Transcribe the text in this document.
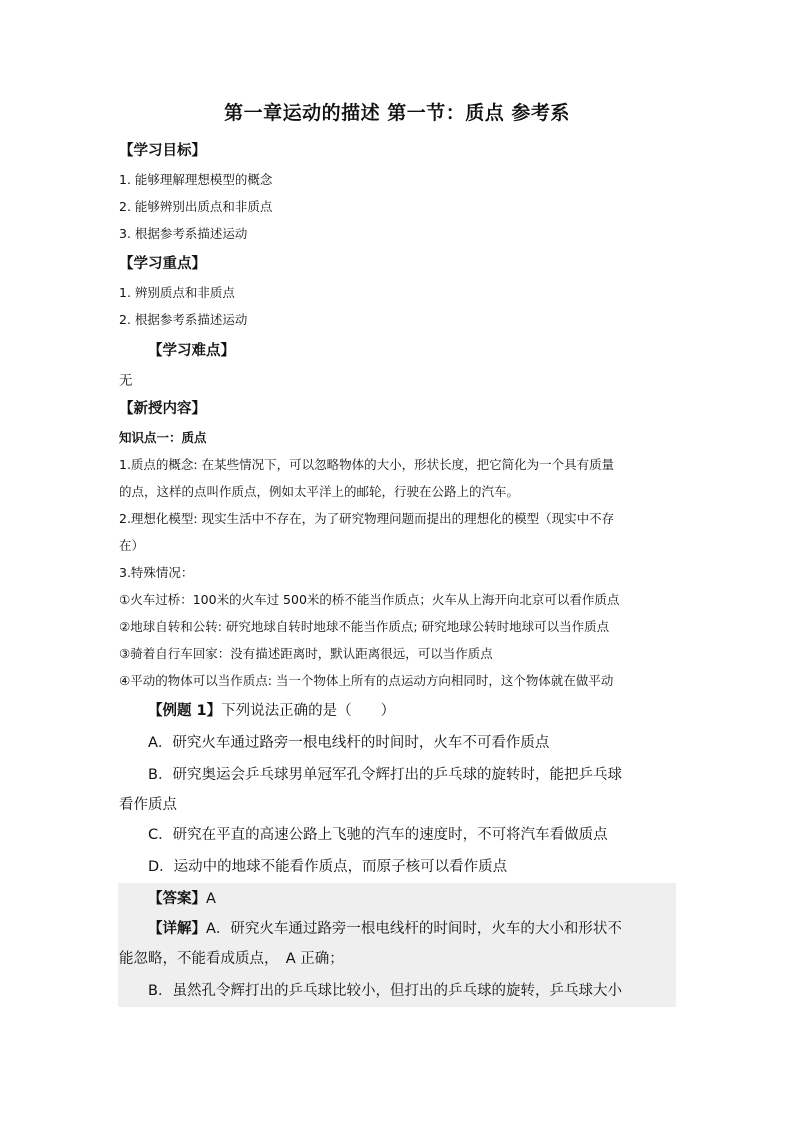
第一章运动的描述 第一节：质点 参考系
【学习目标】
1. 能够理解理想模型的概念
2. 能够辨别出质点和非质点
3. 根据参考系描述运动
【学习重点】
1. 辨别质点和非质点
2. 根据参考系描述运动
【学习难点】
无
【新授内容】
知识点一：质点
1.质点的概念: 在某些情况下，可以忽略物体的大小，形状长度，把它简化为一个具有质量
的点，这样的点叫作质点，例如太平洋上的邮轮，行驶在公路上的汽车。
2.理想化模型: 现实生活中不存在，为了研究物理问题而提出的理想化的模型（现实中不存
在）
3.特殊情况：
①火车过桥：100米的火车过 500米的桥不能当作质点；火车从上海开向北京可以看作质点
②地球自转和公转: 研究地球自转时地球不能当作质点; 研究地球公转时地球可以当作质点
③骑着自行车回家：没有描述距离时，默认距离很远，可以当作质点
④平动的物体可以当作质点: 当一个物体上所有的点运动方向相同时，这个物体就在做平动
【例题 1】下列说法正确的是（　　）
A．研究火车通过路旁一根电线杆的时间时，火车不可看作质点
B．研究奥运会乒乓球男单冠军孔令辉打出的乒乓球的旋转时，能把乒乓球
看作质点
C．研究在平直的高速公路上飞驰的汽车的速度时，不可将汽车看做质点
D．运动中的地球不能看作质点，而原子核可以看作质点
【答案】A
【详解】A．研究火车通过路旁一根电线杆的时间时，火车的大小和形状不
能忽略，不能看成质点，　A 正确；
B．虽然孔令辉打出的乒乓球比较小，但打出的乒乓球的旋转，乒乓球大小
